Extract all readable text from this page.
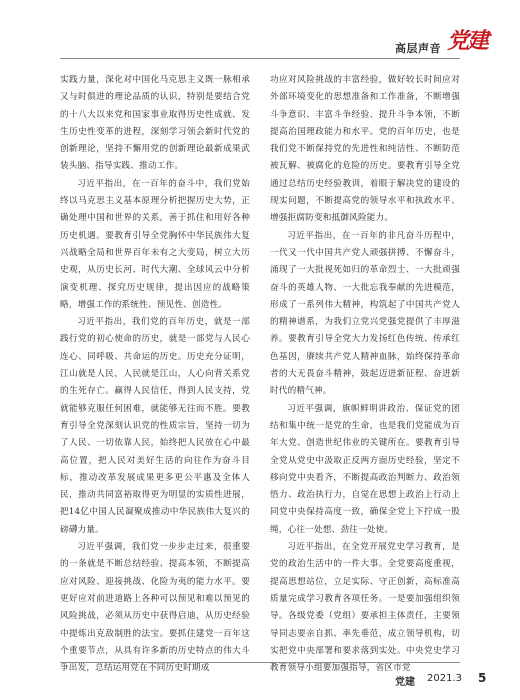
高层声音 党建

实践力量，深化对中国化马克思主义既一脉相承又与时俱进的理论品质的认识，特别是要结合党的十八大以来党和国家事业取得历史性成就、发生历史性变革的进程，深刻学习领会新时代党的创新理论，坚持不懈用党的创新理论最新成果武装头脑、指导实践、推动工作。

习近平指出，在一百年的奋斗中，我们党始终以马克思主义基本原理分析把握历史大势，正确处理中国和世界的关系，善于抓住和用好各种历史机遇。要教育引导全党胸怀中华民族伟大复兴战略全局和世界百年未有之大变局，树立大历史观，从历史长河、时代大潮、全球风云中分析演变机理、探究历史规律，提出因应的战略策略，增强工作的系统性、预见性、创造性。

习近平指出，我们党的百年历史，就是一部践行党的初心使命的历史，就是一部党与人民心连心、同呼吸、共命运的历史。历史充分证明，江山就是人民，人民就是江山，人心向背关系党的生死存亡。赢得人民信任，得到人民支持，党就能够克服任何困难，就能够无往而不胜。要教育引导全党深刻认识党的性质宗旨，坚持一切为了人民、一切依靠人民，始终把人民放在心中最高位置，把人民对美好生活的向往作为奋斗目标，推动改革发展成果更多更公平惠及全体人民，推动共同富裕取得更为明显的实质性进展，把14亿中国人民凝聚成推动中华民族伟大复兴的磅礴力量。

习近平强调，我们党一步步走过来，很重要的一条就是不断总结经验、提高本领，不断提高应对风险、迎接挑战、化险为夷的能力水平。要更好应对前进道路上各种可以预见和难以预见的风险挑战，必须从历史中获得启迪，从历史经验中提炼出克敌制胜的法宝。要抓住建党一百年这个重要节点，从具有许多新的历史特点的伟大斗争出发，总结运用党在不同历史时期成

功应对风险挑战的丰富经验，做好较长时间应对外部环境变化的思想准备和工作准备，不断增强斗争意识、丰富斗争经验、提升斗争本领，不断提高治国理政能力和水平。党的百年历史，也是我们党不断保持党的先进性和纯洁性、不断防范被瓦解、被腐化的危险的历史。要教育引导全党通过总结历史经验教训，着眼于解决党的建设的现实问题，不断提高党的领导水平和执政水平、增强拒腐防变和抵御风险能力。

习近平指出，在一百年的非凡奋斗历程中，一代又一代中国共产党人顽强拼搏、不懈奋斗，涌现了一大批视死如归的革命烈士、一大批顽强奋斗的英雄人物、一大批忘我奉献的先进模范，形成了一系列伟大精神，构筑起了中国共产党人的精神谱系，为我们立党兴党强党提供了丰厚滋养。要教育引导全党大力发扬红色传统、传承红色基因，赓续共产党人精神血脉，始终保持革命者的大无畏奋斗精神，鼓起迈进新征程、奋进新时代的精气神。

习近平强调，旗帜鲜明讲政治、保证党的团结和集中统一是党的生命，也是我们党能成为百年大党、创造世纪伟业的关键所在。要教育引导全党从党史中汲取正反两方面历史经验，坚定不移向党中央看齐，不断提高政治判断力、政治领悟力、政治执行力，自觉在思想上政治上行动上同党中央保持高度一致，确保全党上下拧成一股绳，心往一处想、劲往一处使。

习近平指出，在全党开展党史学习教育，是党的政治生活中的一件大事。全党要高度重视，提高思想站位，立足实际、守正创新，高标准高质量完成学习教育各项任务。一是要加强组织领导。各级党委（党组）要承担主体责任，主要领导同志要亲自抓、率先垂范，成立领导机构，切实把党中央部署和要求落到实处。中央党史学习教育领导小组要加强指导，省区市党

党建 2021.3 5
